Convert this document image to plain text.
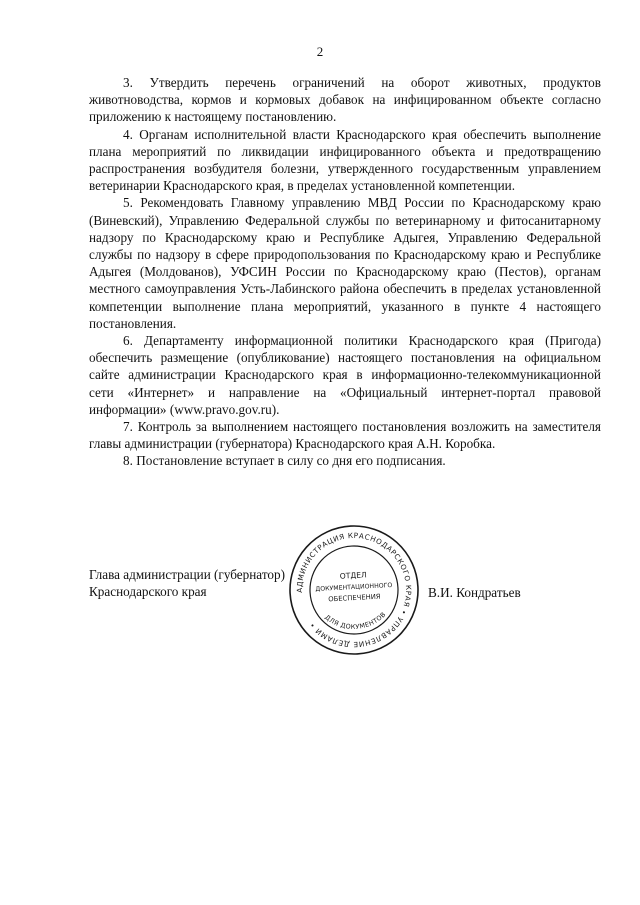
2

3. Утвердить перечень ограничений на оборот животных, продуктов животноводства, кормов и кормовых добавок на инфицированном объекте согласно приложению к настоящему постановлению.

4. Органам исполнительной власти Краснодарского края обеспечить выполнение плана мероприятий по ликвидации инфицированного объекта и предотвращению распространения возбудителя болезни, утвержденного государственным управлением ветеринарии Краснодарского края, в пределах установленной компетенции.

5. Рекомендовать Главному управлению МВД России по Краснодарскому краю (Виневский), Управлению Федеральной службы по ветеринарному и фитосанитарному надзору по Краснодарскому краю и Республике Адыгея, Управлению Федеральной службы по надзору в сфере природопользования по Краснодарскому краю и Республике Адыгея (Молдованов), УФСИН России по Краснодарскому краю (Пестов), органам местного самоуправления Усть-Лабинского района обеспечить в пределах установленной компетенции выполнение плана мероприятий, указанного в пункте 4 настоящего постановления.

6. Департаменту информационной политики Краснодарского края (Пригода) обеспечить размещение (опубликование) настоящего постановления на официальном сайте администрации Краснодарского края в информационно-телекоммуникационной сети «Интернет» и направление на «Официальный интернет-портал правовой информации» (www.pravo.gov.ru).

7. Контроль за выполнением настоящего постановления возложить на заместителя главы администрации (губернатора) Краснодарского края А.Н. Коробка.

8. Постановление вступает в силу со дня его подписания.

Глава администрации (губернатор)
Краснодарского края	В.И. Кондратьев
АДМИНИСТРАЦИЯ КРАСНОДАРСКОГО КРАЯ • УПРАВЛЕНИЕ ДЕЛАМИ •
ДЛЯ ДОКУМЕНТОВ
ОТДЕЛ
ДОКУМЕНТАЦИОННОГО
ОБЕСПЕЧЕНИЯ
